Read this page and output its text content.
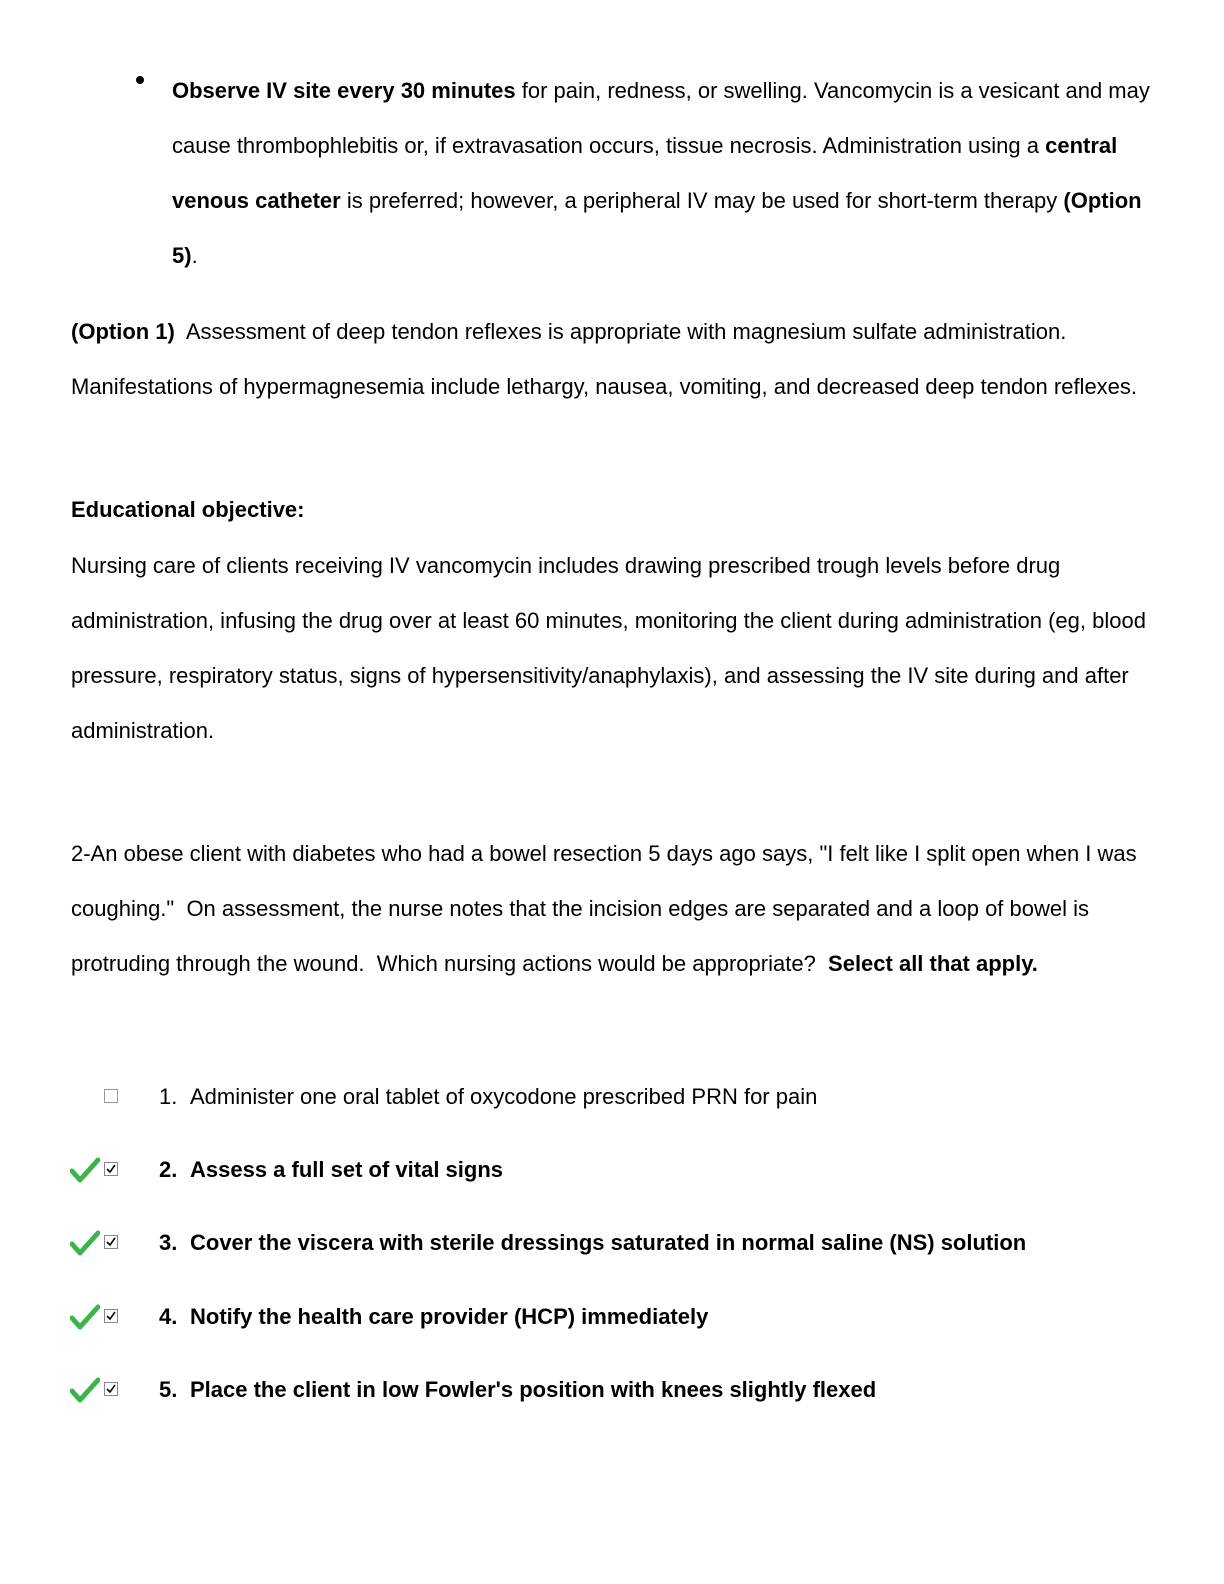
Observe IV site every 30 minutes for pain, redness, or swelling. Vancomycin is a vesicant and may cause thrombophlebitis or, if extravasation occurs, tissue necrosis. Administration using a central venous catheter is preferred; however, a peripheral IV may be used for short-term therapy (Option 5).
(Option 1)  Assessment of deep tendon reflexes is appropriate with magnesium sulfate administration.  Manifestations of hypermagnesemia include lethargy, nausea, vomiting, and decreased deep tendon reflexes.
Educational objective:
Nursing care of clients receiving IV vancomycin includes drawing prescribed trough levels before drug administration, infusing the drug over at least 60 minutes, monitoring the client during administration (eg, blood pressure, respiratory status, signs of hypersensitivity/anaphylaxis), and assessing the IV site during and after administration.
2-An obese client with diabetes who had a bowel resection 5 days ago says, "I felt like I split open when I was coughing."  On assessment, the nurse notes that the incision edges are separated and a loop of bowel is protruding through the wound.  Which nursing actions would be appropriate?  Select all that apply.
1. Administer one oral tablet of oxycodone prescribed PRN for pain
2. Assess a full set of vital signs
3. Cover the viscera with sterile dressings saturated in normal saline (NS) solution
4. Notify the health care provider (HCP) immediately
5. Place the client in low Fowler's position with knees slightly flexed
